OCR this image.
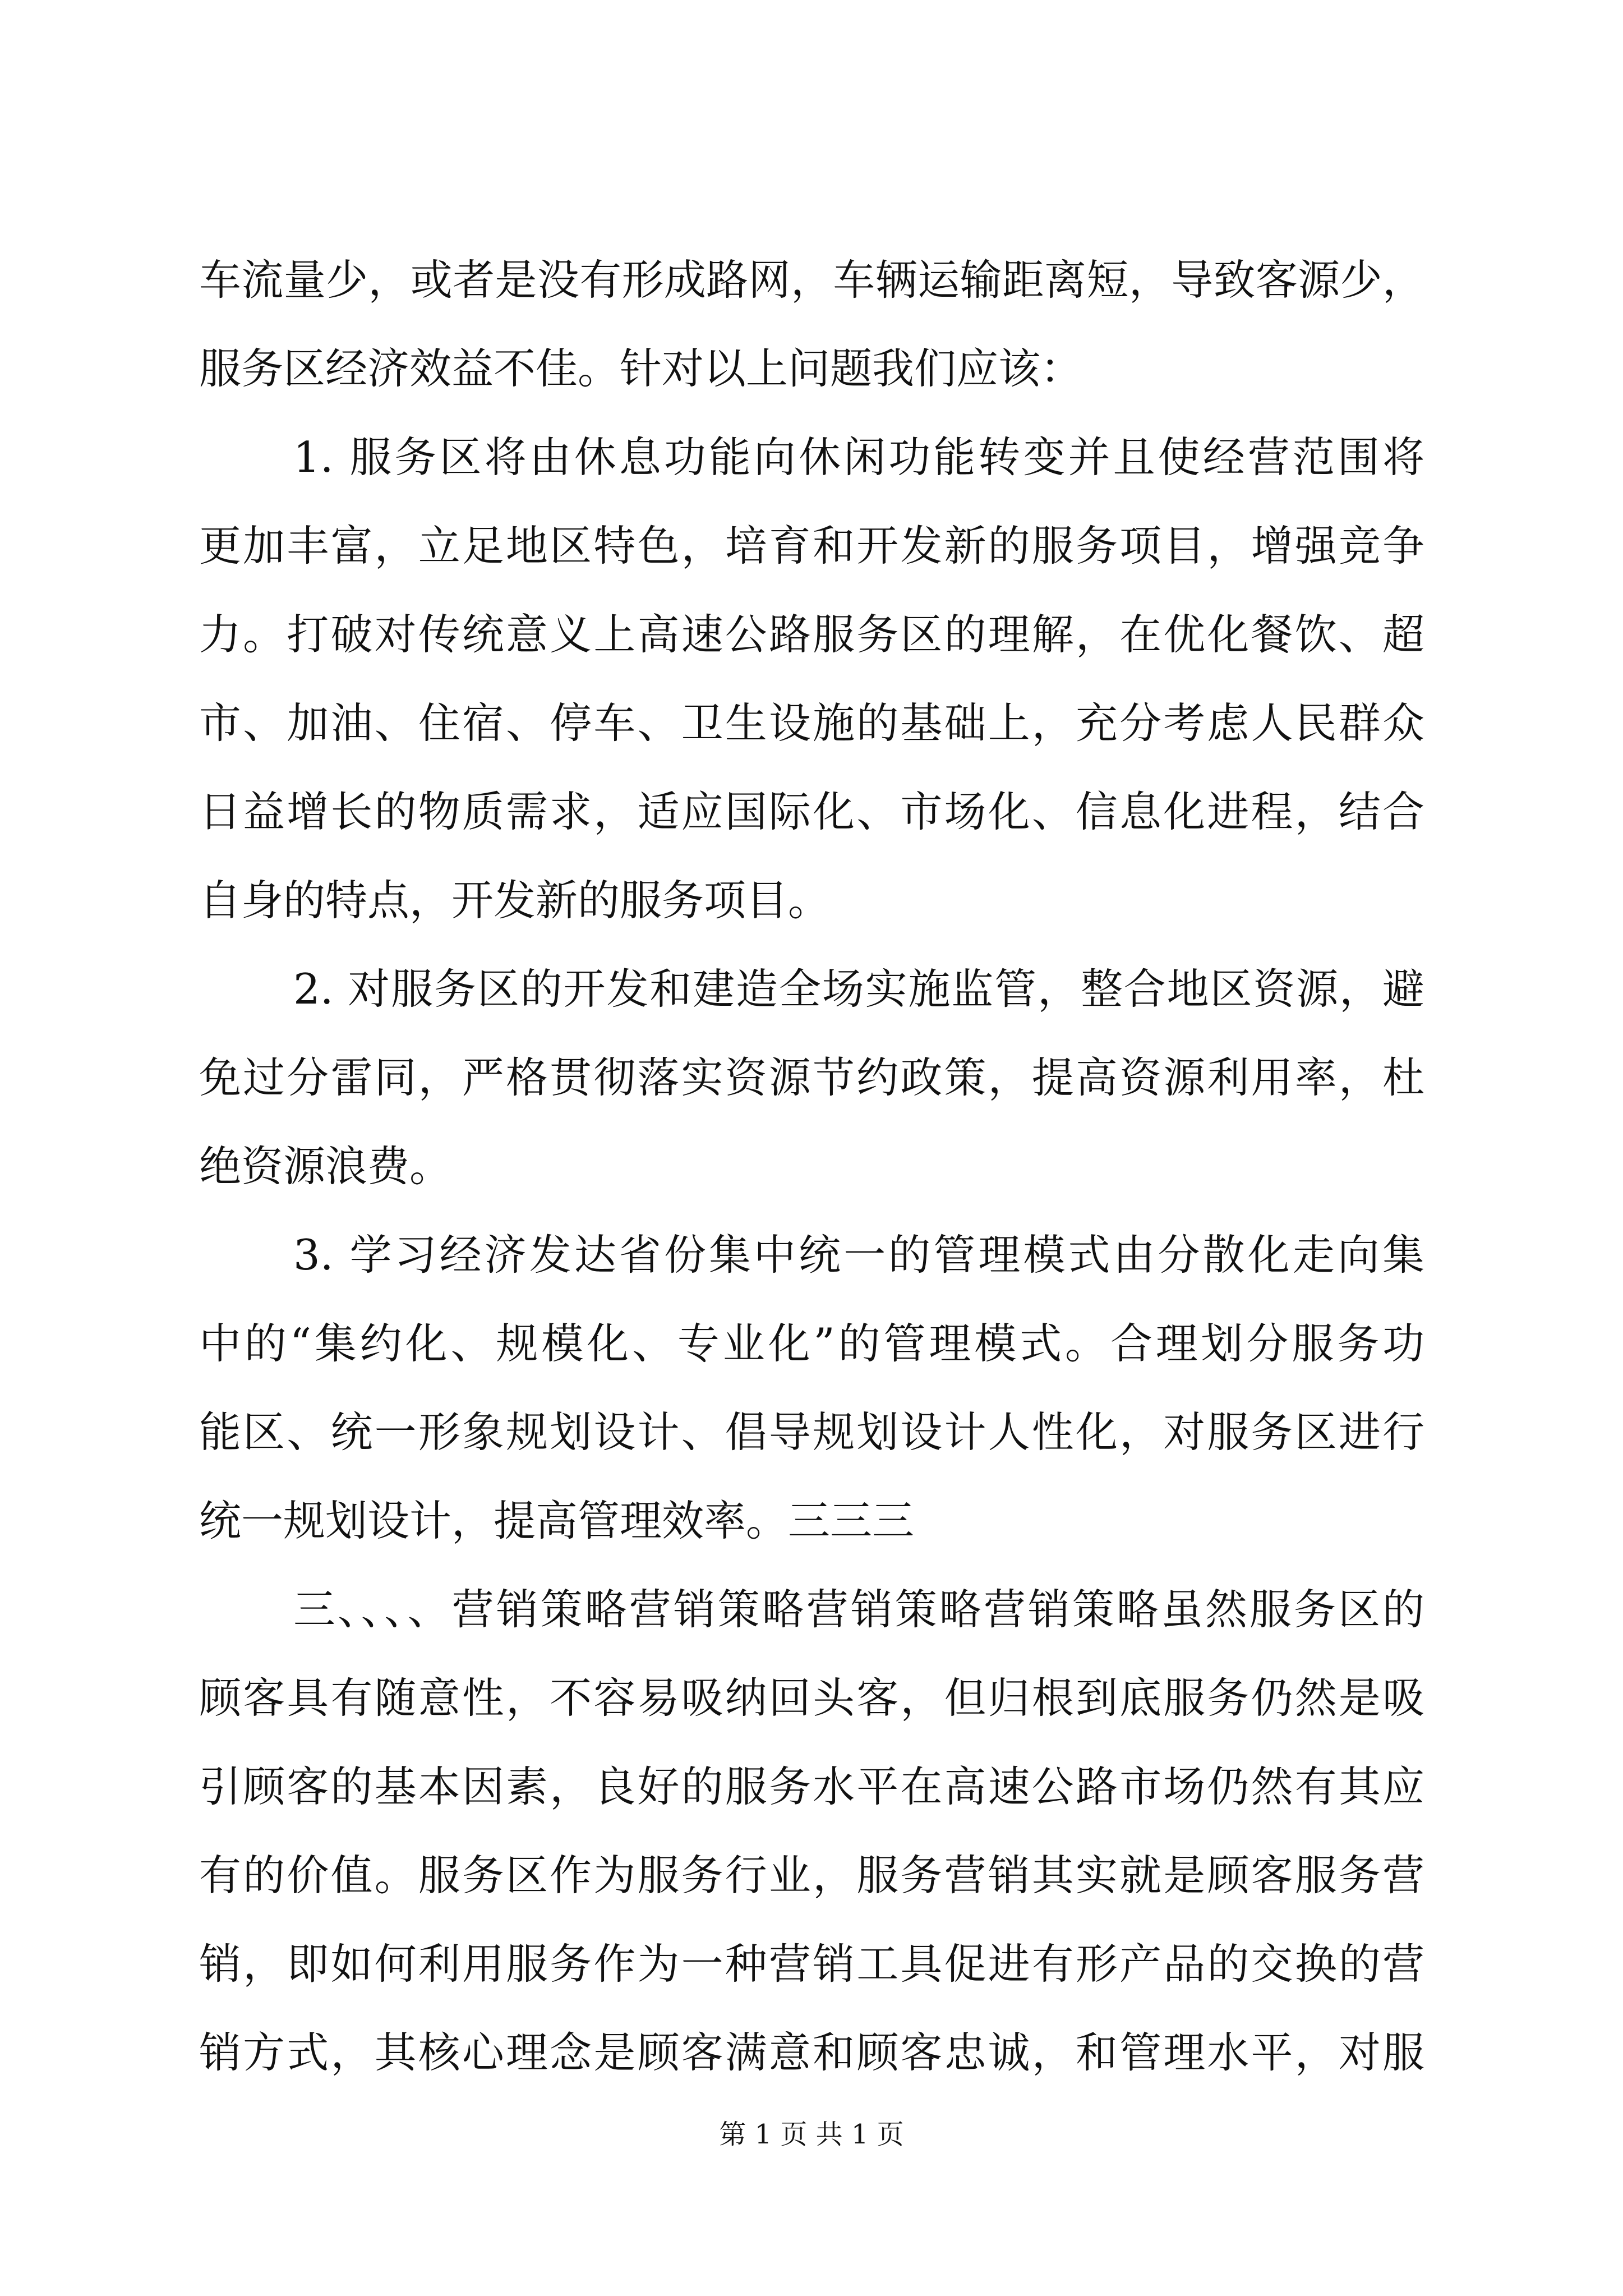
车流量少，或者是没有形成路网，车辆运输距离短，导致客源少，
服务区经济效益不佳。针对以上问题我们应该：
1. 服务区将由休息功能向休闲功能转变并且使经营范围将
更加丰富，立足地区特色，培育和开发新的服务项目，增强竞争
力。打破对传统意义上高速公路服务区的理解，在优化餐饮、超
市、加油、住宿、停车、卫生设施的基础上，充分考虑人民群众
日益增长的物质需求，适应国际化、市场化、信息化进程，结合
自身的特点，开发新的服务项目。
2. 对服务区的开发和建造全场实施监管，整合地区资源，避
免过分雷同，严格贯彻落实资源节约政策，提高资源利用率，杜
绝资源浪费。
3. 学习经济发达省份集中统一的管理模式由分散化走向集
中的“集约化、规模化、专业化”的管理模式。合理划分服务功
能区、统一形象规划设计、倡导规划设计人性化，对服务区进行
统一规划设计，提高管理效率。三三三
三、、、、营销策略营销策略营销策略营销策略虽然服务区的
顾客具有随意性，不容易吸纳回头客，但归根到底服务仍然是吸
引顾客的基本因素，良好的服务水平在高速公路市场仍然有其应
有的价值。服务区作为服务行业，服务营销其实就是顾客服务营
销，即如何利用服务作为一种营销工具促进有形产品的交换的营
销方式，其核心理念是顾客满意和顾客忠诚，和管理水平，对服
第 1 页 共 1 页
